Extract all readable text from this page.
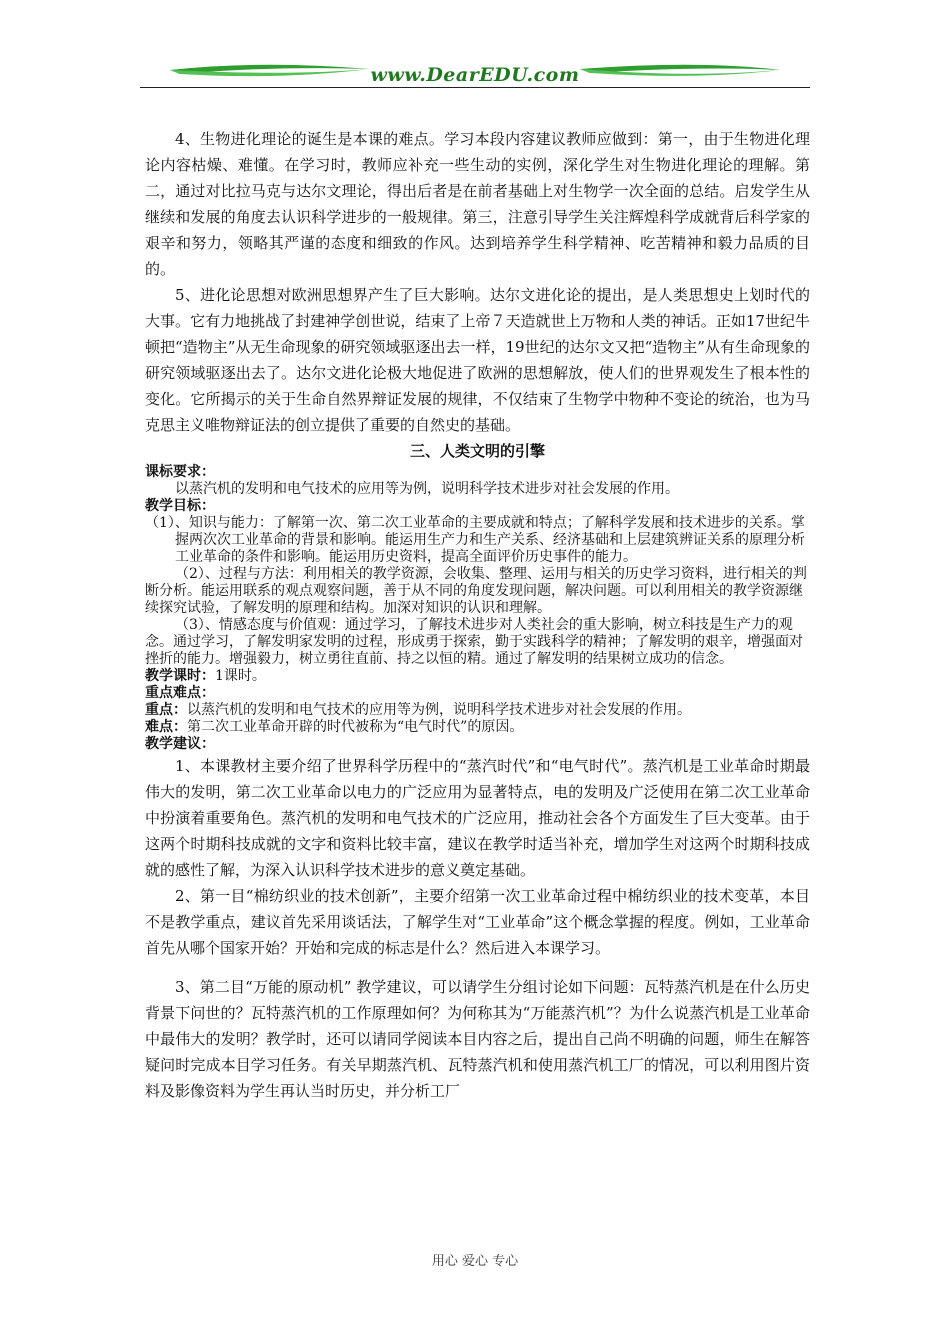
www.DearEDU.com

4、生物进化理论的诞生是本课的难点。学习本段内容建议教师应做到：第一，由于生物进化理论内容枯燥、难懂。在学习时，教师应补充一些生动的实例，深化学生对生物进化理论的理解。第二，通过对比拉马克与达尔文理论，得出后者是在前者基础上对生物学一次全面的总结。启发学生从继续和发展的角度去认识科学进步的一般规律。第三，注意引导学生关注辉煌科学成就背后科学家的艰辛和努力，领略其严谨的态度和细致的作风。达到培养学生科学精神、吃苦精神和毅力品质的目的。

5、进化论思想对欧洲思想界产生了巨大影响。达尔文进化论的提出，是人类思想史上划时代的大事。它有力地挑战了封建神学创世说，结束了上帝７天造就世上万物和人类的神话。正如17世纪牛顿把“造物主”从无生命现象的研究领域驱逐出去一样，19世纪的达尔文又把“造物主”从有生命现象的研究领域驱逐出去了。达尔文进化论极大地促进了欧洲的思想解放，使人们的世界观发生了根本性的变化。它所揭示的关于生命自然界辩证发展的规律，不仅结束了生物学中物种不变论的统治，也为马克思主义唯物辩证法的创立提供了重要的自然史的基础。

三、人类文明的引擎

课标要求：

以蒸汽机的发明和电气技术的应用等为例，说明科学技术进步对社会发展的作用。

教学目标：

（1）、知识与能力：了解第一次、第二次工业革命的主要成就和特点；了解科学发展和技术进步的关系。掌握两次次工业革命的背景和影响。能运用生产力和生产关系、经济基础和上层建筑辨证关系的原理分析工业革命的条件和影响。能运用历史资料，提高全面评价历史事件的能力。

（2）、过程与方法：利用相关的教学资源，会收集、整理、运用与相关的历史学习资料，进行相关的判断分析。能运用联系的观点观察问题，善于从不同的角度发现问题，解决问题。可以利用相关的教学资源继续探究试验，了解发明的原理和结构。加深对知识的认识和理解。

（3）、情感态度与价值观：通过学习，了解技术进步对人类社会的重大影响，树立科技是生产力的观念。通过学习，了解发明家发明的过程，形成勇于探索，勤于实践科学的精神；了解发明的艰辛，增强面对挫折的能力。增强毅力，树立勇往直前、持之以恒的精。通过了解发明的结果树立成功的信念。

教学课时：1课时。

重点难点：

重点：以蒸汽机的发明和电气技术的应用等为例，说明科学技术进步对社会发展的作用。

难点：第二次工业革命开辟的时代被称为“电气时代”的原因。

教学建议：

1、本课教材主要介绍了世界科学历程中的“蒸汽时代”和“电气时代”。蒸汽机是工业革命时期最伟大的发明，第二次工业革命以电力的广泛应用为显著特点，电的发明及广泛使用在第二次工业革命中扮演着重要角色。蒸汽机的发明和电气技术的广泛应用，推动社会各个方面发生了巨大变革。由于这两个时期科技成就的文字和资料比较丰富，建议在教学时适当补充，增加学生对这两个时期科技成就的感性了解，为深入认识科学技术进步的意义奠定基础。

2、第一目“棉纺织业的技术创新”，主要介绍第一次工业革命过程中棉纺织业的技术变革，本目不是教学重点，建议首先采用谈话法，了解学生对“工业革命”这个概念掌握的程度。例如，工业革命首先从哪个国家开始？开始和完成的标志是什么？然后进入本课学习。

3、第二目“万能的原动机” 教学建议，可以请学生分组讨论如下问题：瓦特蒸汽机是在什么历史背景下问世的？瓦特蒸汽机的工作原理如何？为何称其为“万能蒸汽机”？为什么说蒸汽机是工业革命中最伟大的发明？教学时，还可以请同学阅读本目内容之后，提出自己尚不明确的问题，师生在解答疑问时完成本目学习任务。有关早期蒸汽机、瓦特蒸汽机和使用蒸汽机工厂的情况，可以利用图片资料及影像资料为学生再认当时历史，并分析工厂

用心 爱心 专心
